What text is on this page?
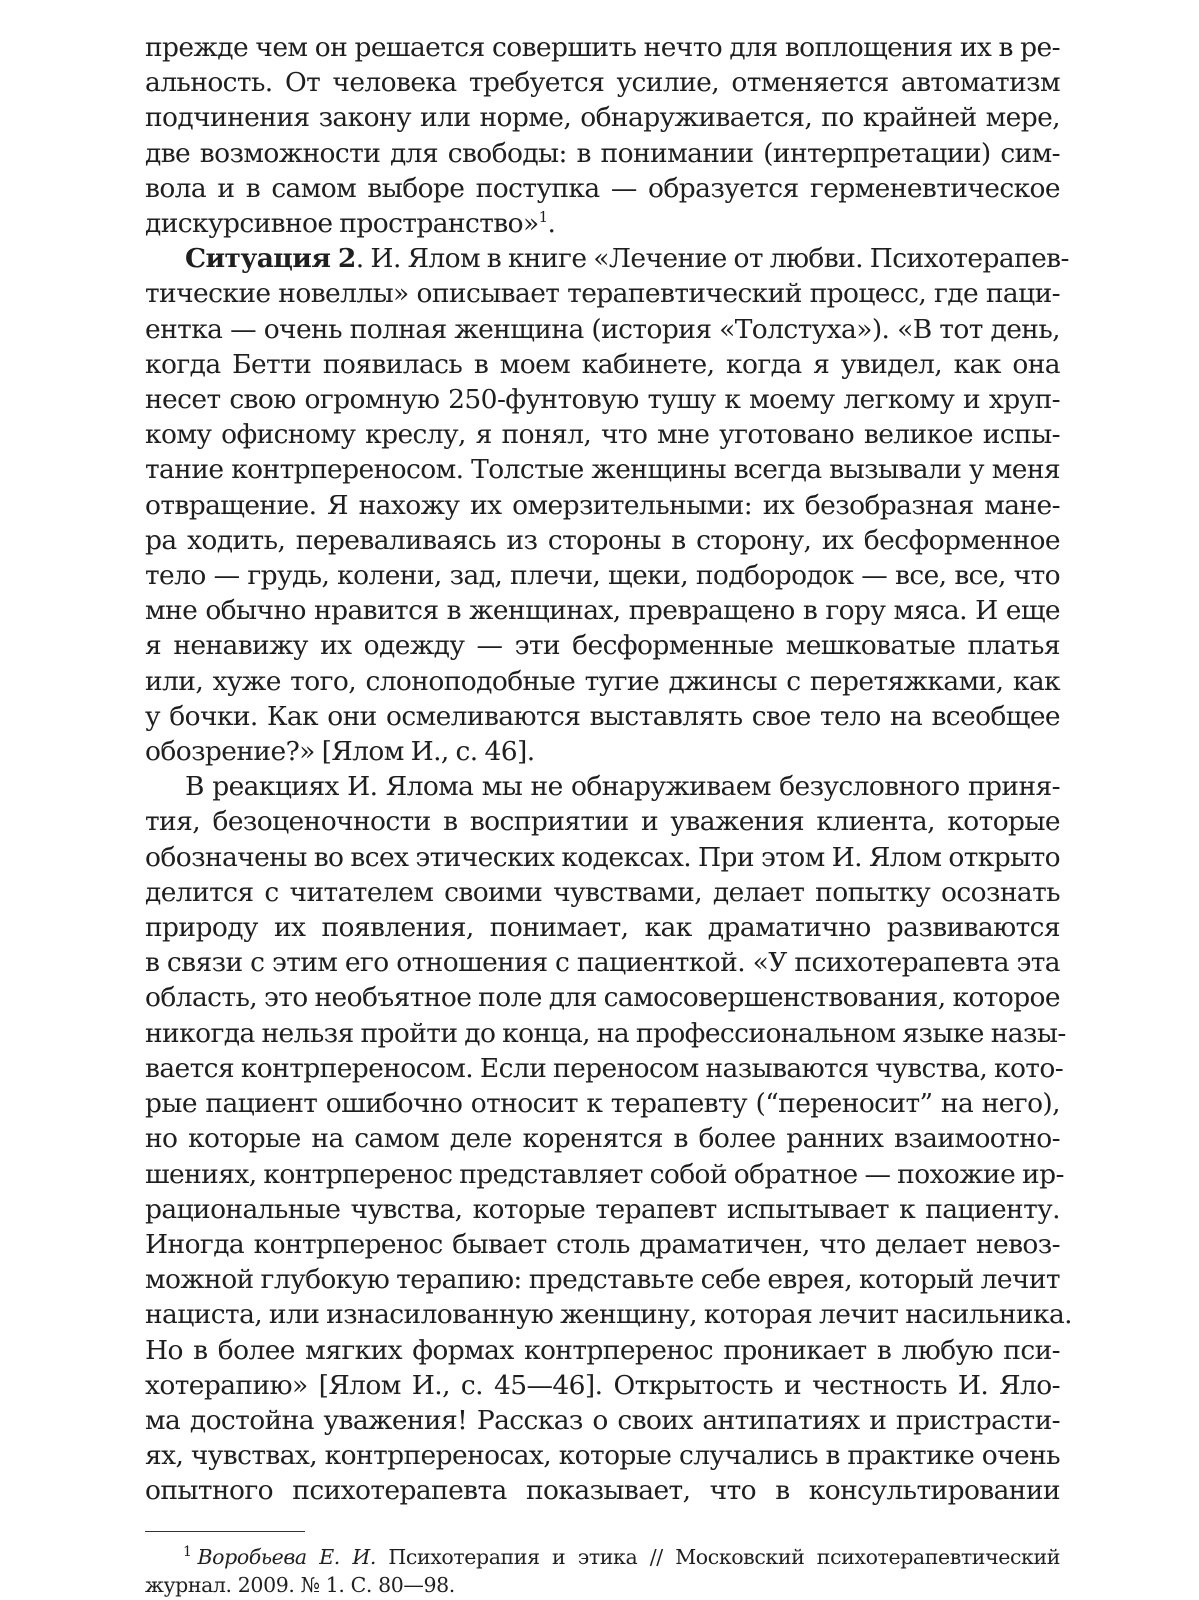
прежде чем он решается совершить нечто для воплощения их в ре-
альность. От человека требуется усилие, отменяется автоматизм
подчинения закону или норме, обнаруживается, по крайней мере,
две возможности для свободы: в понимании (интерпретации) сим-
вола и в самом выборе поступка — образуется герменевтическое
дискурсивное пространство»$^1$.
Ситуация 2. И. Ялом в книге «Лечение от любви. Психотерапев-
тические новеллы» описывает терапевтический процесс, где паци-
ентка — очень полная женщина (история «Толстуха»). «В тот день,
когда Бетти появилась в моем кабинете, когда я увидел, как она
несет свою огромную 250-фунтовую тушу к моему легкому и хруп-
кому офисному креслу, я понял, что мне уготовано великое испы-
тание контрпереносом. Толстые женщины всегда вызывали у меня
отвращение. Я нахожу их омерзительными: их безобразная мане-
ра ходить, переваливаясь из стороны в сторону, их бесформенное
тело — грудь, колени, зад, плечи, щеки, подбородок — все, все, что
мне обычно нравится в женщинах, превращено в гору мяса. И еще
я ненавижу их одежду — эти бесформенные мешковатые платья
или, хуже того, слоноподобные тугие джинсы с перетяжками, как
у бочки. Как они осмеливаются выставлять свое тело на всеобщее
обозрение?» [Ялом И., с. 46].
В реакциях И. Ялома мы не обнаруживаем безусловного приня-
тия, безоценочности в восприятии и уважения клиента, которые
обозначены во всех этических кодексах. При этом И. Ялом открыто
делится с читателем своими чувствами, делает попытку осознать
природу их появления, понимает, как драматично развиваются
в связи с этим его отношения с пациенткой. «У психотерапевта эта
область, это необъятное поле для самосовершенствования, которое
никогда нельзя пройти до конца, на профессиональном языке назы-
вается контрпереносом. Если переносом называются чувства, кото-
рые пациент ошибочно относит к терапевту (“переносит” на него),
но которые на самом деле коренятся в более ранних взаимоотно-
шениях, контрперенос представляет собой обратное — похожие ир-
рациональные чувства, которые терапевт испытывает к пациенту.
Иногда контрперенос бывает столь драматичен, что делает невоз-
можной глубокую терапию: представьте себе еврея, который лечит
нациста, или изнасилованную женщину, которая лечит насильника.
Но в более мягких формах контрперенос проникает в любую пси-
хотерапию» [Ялом И., с. 45—46]. Открытость и честность И. Яло-
ма достойна уважения! Рассказ о своих антипатиях и пристрасти-
ях, чувствах, контрпереносах, которые случались в практике очень
опытного психотерапевта показывает, что в консультировании
$^1$ Воробьева Е. И. Психотерапия и этика // Московский психотерапевтический
журнал. 2009. № 1. С. 80—98.
